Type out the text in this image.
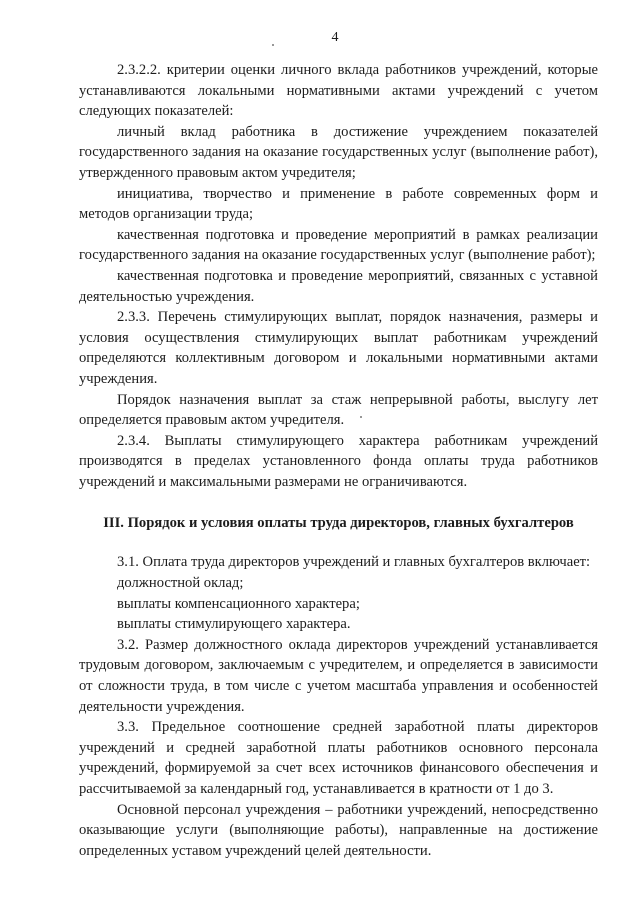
4

2.3.2.2. критерии оценки личного вклада работников учреждений, которые устанавливаются локальными нормативными актами учреждений с учетом следующих показателей:

личный вклад работника в достижение учреждением показателей государственного задания на оказание государственных услуг (выполнение работ), утвержденного правовым актом учредителя;

инициатива, творчество и применение в работе современных форм и методов организации труда;

качественная подготовка и проведение мероприятий в рамках реализации государственного задания на оказание государственных услуг (выполнение работ);

качественная подготовка и проведение мероприятий, связанных с уставной деятельностью учреждения.

2.3.3. Перечень стимулирующих выплат, порядок назначения, размеры и условия осуществления стимулирующих выплат работникам учреждений определяются коллективным договором и локальными нормативными актами учреждения.

Порядок назначения выплат за стаж непрерывной работы, выслугу лет определяется правовым актом учредителя.

2.3.4. Выплаты стимулирующего характера работникам учреждений производятся в пределах установленного фонда оплаты труда работников учреждений и максимальными размерами не ограничиваются.

III. Порядок и условия оплаты труда директоров, главных бухгалтеров

3.1. Оплата труда директоров учреждений и главных бухгалтеров включает:

должностной оклад;

выплаты компенсационного характера;

выплаты стимулирующего характера.

3.2. Размер должностного оклада директоров учреждений устанавливается трудовым договором, заключаемым с учредителем, и определяется в зависимости от сложности труда, в том числе с учетом масштаба управления и особенностей деятельности учреждения.

3.3. Предельное соотношение средней заработной платы директоров учреждений и средней заработной платы работников основного персонала учреждений, формируемой за счет всех источников финансового обеспечения и рассчитываемой за календарный год, устанавливается в кратности от 1 до 3.

Основной персонал учреждения – работники учреждений, непосредственно оказывающие услуги (выполняющие работы), направленные на достижение определенных уставом учреждений целей деятельности.
